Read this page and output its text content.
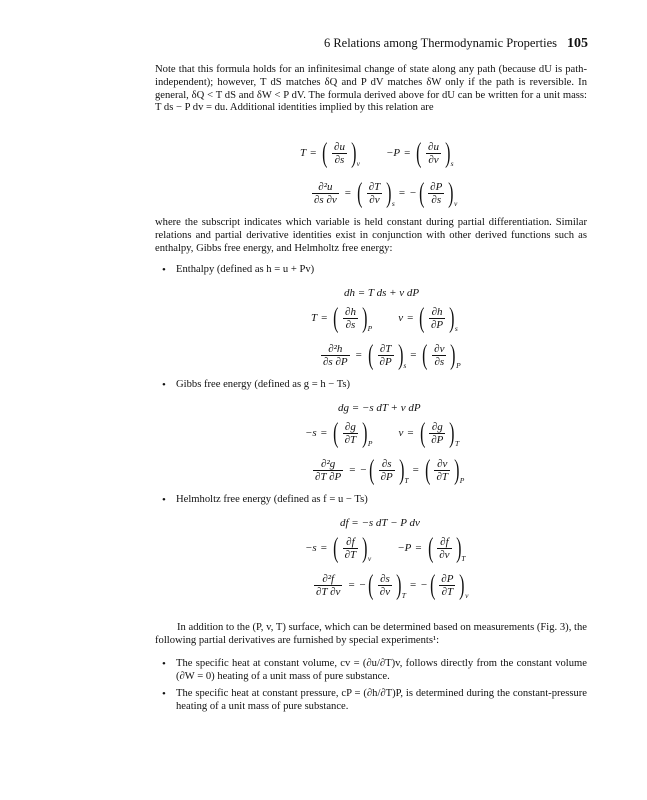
6 Relations among Thermodynamic Properties 105
Note that this formula holds for an infinitesimal change of state along any path (because dU is path-independent); however, T dS matches δQ and P dV matches δW only if the path is reversible. In general, δQ < T dS and δW < P dV. The formula derived above for dU can be written for a unit mass: T ds − P dv = du. Additional identities implied by this relation are
T = ( $\frac{\partial u}{\partial s} )v$
−P = ( $\frac{\partial u}{\partial v} )s$
$\frac{\text{∂²u}}{\partial s \partial v}$ = ( $\frac{\partial T}{\partial v} )s$
= − ( $\frac{\partial P}{\partial s} )v$
where the subscript indicates which variable is held constant during partial differentiation. Similar relations and partial derivative identities exist in conjunction with other derived functions such as enthalpy, Gibbs free energy, and Helmholtz free energy:
• Enthalpy (defined as h = u + Pv)
dh = T ds + v dP
T = ( $\frac{\partial h}{\partial s} )P$
v = ( $\frac{\partial h}{\partial P} )s$
$\frac{\text{∂²h}}{\partial s \partial P}$ = ( $\frac{\partial T}{\partial P} )s$
= ( $\frac{\partial v}{\partial s} )P$
• Gibbs free energy (defined as g = h − Ts)
dg = −s dT + v dP
−s = ( $\frac{\partial g}{\partial T} )P$
v = ( $\frac{\partial g}{\partial P} )T$
$\frac{\text{∂²g}}{\partial T \partial P}$ = − ( $\frac{\partial s}{\partial P} )T$
= ( $\frac{\partial v}{\partial T} )P$
• Helmholtz free energy (defined as f = u − Ts)
df = −s dT − P dv
−s = ( $\frac{\partial f}{\partial T} )v$
−P = ( $\frac{\partial f}{\partial v} )T$
$\frac{\text{∂²f}}{\partial T \partial v}$ = − ( $\frac{\partial s}{\partial v} )T$
= − ( $\frac{\partial P}{\partial T} )v$
In addition to the (P, v, T) surface, which can be determined based on measurements (Fig. 3), the following partial derivatives are furnished by special experiments¹:
• The specific heat at constant volume, cv = (∂u/∂T)v, follows directly from the constant volume (∂W = 0) heating of a unit mass of pure substance.
• The specific heat at constant pressure, cP = (∂h/∂T)P, is determined during the constant-pressure heating of a unit mass of pure substance.
